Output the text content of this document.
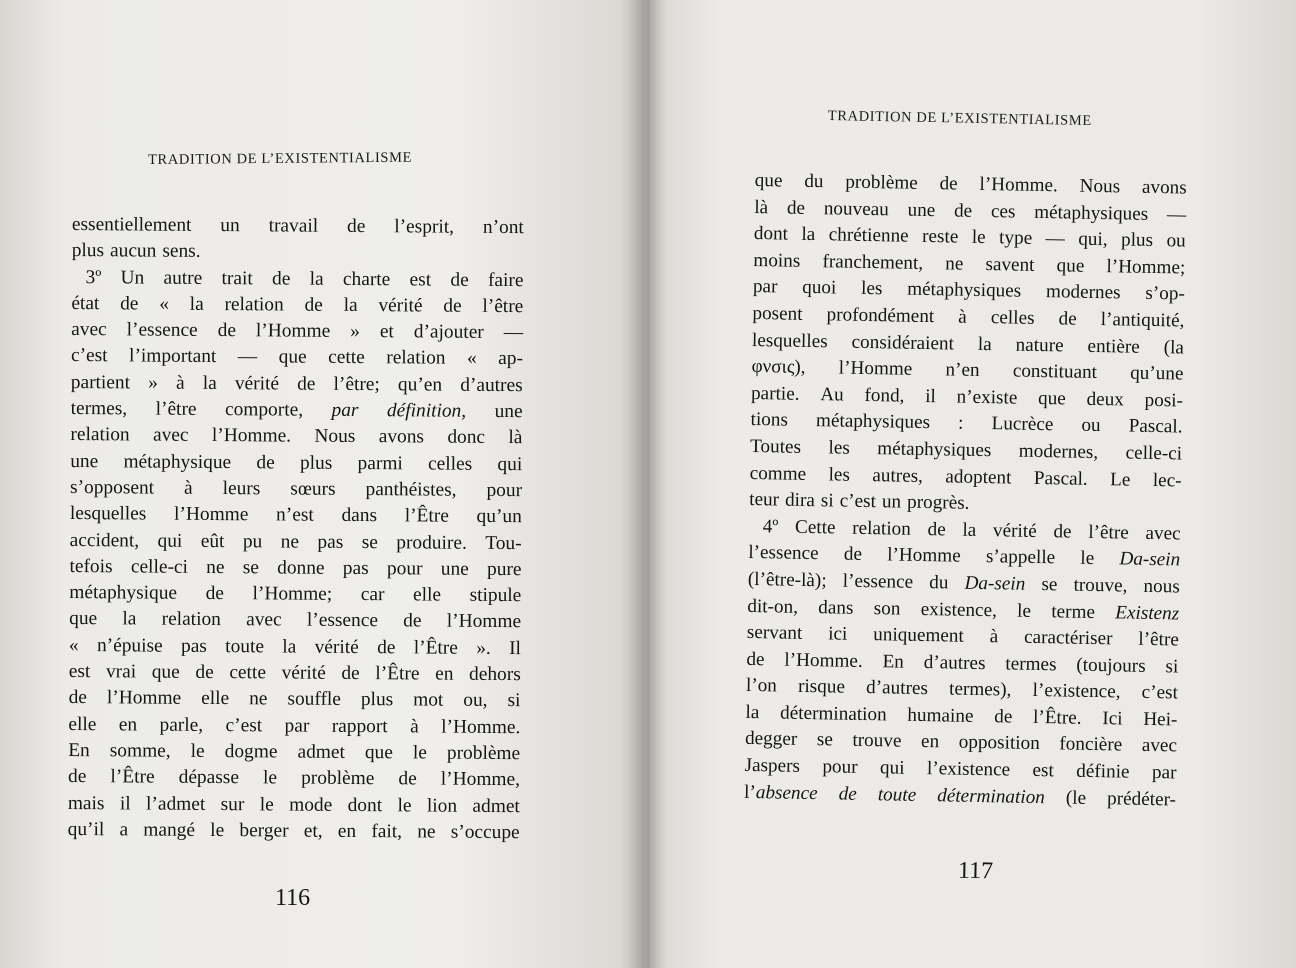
TRADITION DE L’EXISTENTIALISME
essentiellement un travail de l’esprit, n’ont
plus aucun sens.
3º Un autre trait de la charte est de faire
état de « la relation de la vérité de l’être
avec l’essence de l’Homme » et d’ajouter —
c’est l’important — que cette relation « ap-
partient » à la vérité de l’être; qu’en d’autres
termes, l’être comporte, par définition, une
relation avec l’Homme. Nous avons donc là
une métaphysique de plus parmi celles qui
s’opposent à leurs sœurs panthéistes, pour
lesquelles l’Homme n’est dans l’Être qu’un
accident, qui eût pu ne pas se produire. Tou-
tefois celle-ci ne se donne pas pour une pure
métaphysique de l’Homme; car elle stipule
que la relation avec l’essence de l’Homme
« n’épuise pas toute la vérité de l’Être ». Il
est vrai que de cette vérité de l’Être en dehors
de l’Homme elle ne souffle plus mot ou, si
elle en parle, c’est par rapport à l’Homme.
En somme, le dogme admet que le problème
de l’Être dépasse le problème de l’Homme,
mais il l’admet sur le mode dont le lion admet
qu’il a mangé le berger et, en fait, ne s’occupe
116
TRADITION DE L’EXISTENTIALISME
que du problème de l’Homme. Nous avons
là de nouveau une de ces métaphysiques —
dont la chrétienne reste le type — qui, plus ou
moins franchement, ne savent que l’Homme;
par quoi les métaphysiques modernes s’op-
posent profondément à celles de l’antiquité,
lesquelles considéraient la nature entière (la
φνσις), l’Homme n’en constituant qu’une
partie. Au fond, il n’existe que deux posi-
tions métaphysiques : Lucrèce ou Pascal.
Toutes les métaphysiques modernes, celle-ci
comme les autres, adoptent Pascal. Le lec-
teur dira si c’est un progrès.
4º Cette relation de la vérité de l’être avec
l’essence de l’Homme s’appelle le Da-sein
(l’être-là); l’essence du Da-sein se trouve, nous
dit-on, dans son existence, le terme Existenz
servant ici uniquement à caractériser l’être
de l’Homme. En d’autres termes (toujours si
l’on risque d’autres termes), l’existence, c’est
la détermination humaine de l’Être. Ici Hei-
degger se trouve en opposition foncière avec
Jaspers pour qui l’existence est définie par
l’absence de toute détermination (le prédéter-
117
